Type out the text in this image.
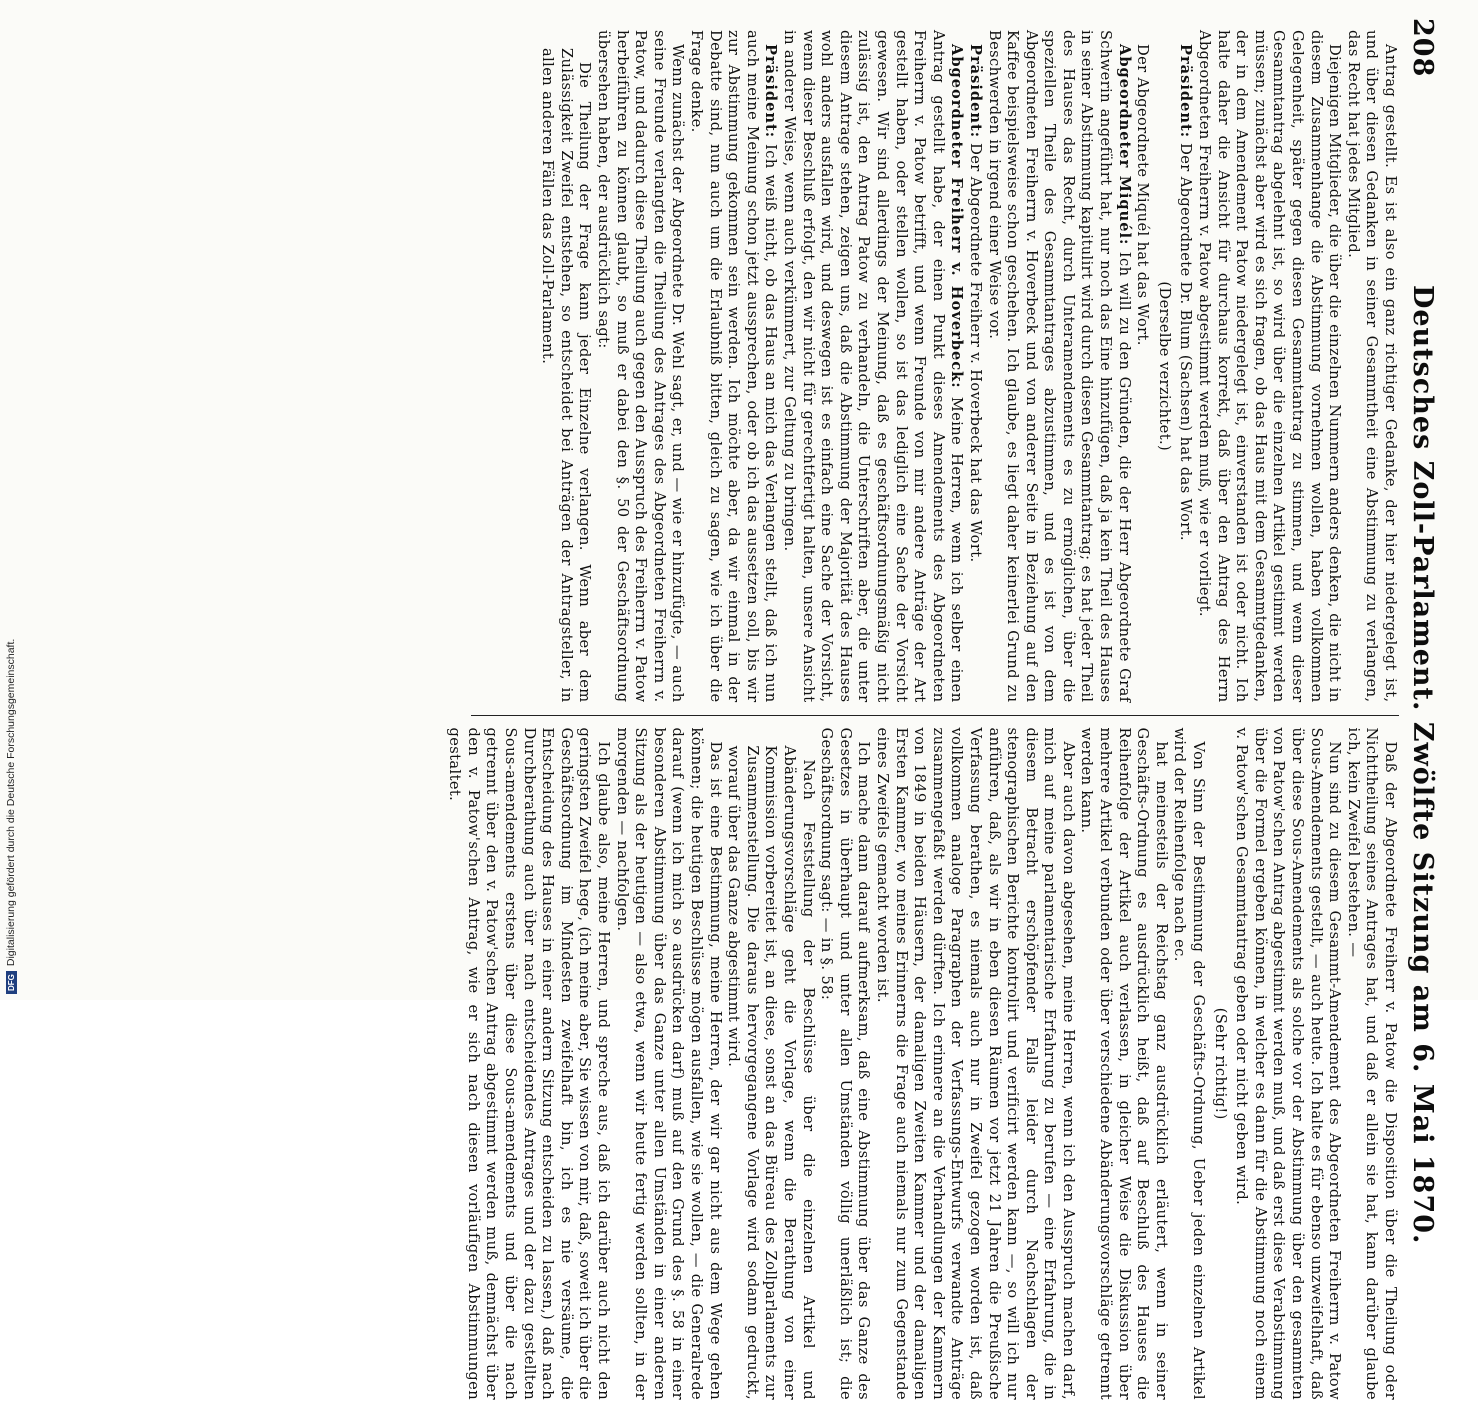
208
Deutsches Zoll-Parlament. Zwölfte Sitzung am 6. Mai 1870.

Antrag gestellt. Es ist also ein ganz richtiger Gedanke, der hier niedergelegt ist, und über diesen Gedanken in seiner Gesammtheit eine Abstimmung zu verlangen, das Recht hat jedes Mitglied.

Diejenigen Mitglieder, die über die einzelnen Nummern anders denken, die nicht in diesem Zusammenhange die Abstimmung vornehmen wollen, haben vollkommen Gelegenheit, später gegen diesen Gesammtantrag zu stimmen, und wenn dieser Gesammtantrag abgelehnt ist, so wird über die einzelnen Artikel gestimmt werden müssen; zunächst aber wird es sich fragen, ob das Haus mit dem Gesammtgedanken, der in dem Amendement Patow niedergelegt ist, einverstanden ist oder nicht. Ich halte daher die Ansicht für durchaus korrekt, daß über den Antrag des Herrn Abgeordneten Freiherrn v. Patow abgestimmt werden muß, wie er vorliegt.

Präsident: Der Abgeordnete Dr. Blum (Sachsen) hat das Wort.

(Derselbe verzichtet.)

Der Abgeordnete Miquél hat das Wort.

Abgeordneter Miquél: Ich will zu den Gründen, die der Herr Abgeordnete Graf Schwerin angeführt hat, nur noch das Eine hinzufügen, daß ja kein Theil des Hauses in seiner Abstimmung kapitulirt wird durch diesen Gesammtantrag; es hat jeder Theil des Hauses das Recht, durch Unteramendements es zu ermöglichen, über die speziellen Theile des Gesammtantrages abzustimmen, und es ist von dem Abgeordneten Freiherrn v. Hoverbeck und von anderer Seite in Beziehung auf den Kaffee beispielsweise schon geschehen. Ich glaube, es liegt daher keinerlei Grund zu Beschwerden in irgend einer Weise vor.

Präsident: Der Abgeordnete Freiherr v. Hoverbeck hat das Wort.

Abgeordneter Freiherr v. Hoverbeck: Meine Herren, wenn ich selber einen Antrag gestellt habe, der einen Punkt dieses Amendements des Abgeordneten Freiherrn v. Patow betrifft, und wenn Freunde von mir andere Anträge der Art gestellt haben, oder stellen wollen, so ist das lediglich eine Sache der Vorsicht gewesen. Wir sind allerdings der Meinung, daß es geschäftsordnungsmäßig nicht zulässig ist, den Antrag Patow zu verhandeln, die Unterschriften aber, die unter diesem Antrage stehen, zeigen uns, daß die Abstimmung der Majorität des Hauses wohl anders ausfallen wird, und deswegen ist es einfach eine Sache der Vorsicht, wenn dieser Beschluß erfolgt, den wir nicht für gerechtfertigt halten, unsere Ansicht in anderer Weise, wenn auch verkümmert, zur Geltung zu bringen.

Präsident: Ich weiß nicht, ob das Haus an mich das Verlangen stellt, daß ich nun auch meine Meinung schon jetzt aussprechen, oder ob ich das aussetzen soll, bis wir zur Abstimmung gekommen sein werden. Ich möchte aber, da wir einmal in der Debatte sind, nun auch um die Erlaubniß bitten, gleich zu sagen, wie ich über die Frage denke.

Wenn zunächst der Abgeordnete Dr. Wehl sagt, er, und — wie er hinzufügte, — auch seine Freunde verlangten die Theilung des Antrages des Abgeordneten Freiherrn v. Patow, und dadurch diese Theilung auch gegen den Ausspruch des Freiherrn v. Patow herbeiführen zu können glaubt, so muß er dabei den §. 50 der Geschäftsordnung übersehen haben, der ausdrücklich sagt:

Die Theilung der Frage kann jeder Einzelne verlangen. Wenn aber dem Zulässigkeit Zweifel entstehen, so entscheidet bei Anträgen der Antragsteller, in allen anderen Fällen das Zoll-Parlament.

Daß der Abgeordnete Freiherr v. Patow die Disposition über die Theilung oder Nichttheilung seines Antrages hat, und daß er allein sie hat, kann darüber glaube ich, kein Zweifel bestehen. —

Nun sind zu diesem Gesammt-Amendement des Abgeordneten Freiherrn v. Patow Sous-Amendements gestellt, — auch heute. Ich halte es für ebenso unzweifelhaft, daß über diese Sous-Amendements als solche vor der Abstimmung über den gesammten von Patow'schen Antrag abgestimmt werden muß, und daß erst diese Verabstimmung über die Formel ergeben können, in welcher es dann für die Abstimmung noch einem v. Patow'schen Gesammtantrag geben oder nicht geben wird.

(Sehr richtig!)

Von Sinn der Bestimmung der Geschäfts-Ordnung, Ueber jeden einzelnen Artikel wird der Reihenfolge nach ec.

hat meinesteils der Reichstag ganz ausdrücklich erläutert, wenn in seiner Geschäfts-Ordnung es ausdrücklich heißt, daß auf Beschluß des Hauses die Reihenfolge der Artikel auch verlassen, in gleicher Weise die Diskussion über mehrere Artikel verbunden oder über verschiedene Abänderungsvorschläge getrennt werden kann.

Aber auch davon abgesehen, meine Herren, wenn ich den Ausspruch machen darf, mich auf meine parlamentarische Erfahrung zu berufen — eine Erfahrung, die in diesem Betracht erschöpfender Falls leider durch Nachschlagen der stenographischen Berichte kontrolirt und verificirt werden kann —, so will ich nur anführen, daß, als wir in eben diesen Räumen vor jetzt 21 Jahren die Preußische Verfassung berathen, es niemals auch nur in Zweifel gezogen worden ist, daß vollkommen analoge Paragraphen der Verfassungs-Entwurfs verwandte Anträge zusammengefaßt werden dürften. Ich erinnere an die Verhandlungen der Kammern von 1849 in beiden Häusern, der damaligen Zweiten Kammer und der damaligen Ersten Kammer, wo meines Erinnerns die Frage auch niemals nur zum Gegenstande eines Zweifels gemacht worden ist.

Ich mache dann darauf aufmerksam, daß eine Abstimmung über das Ganze des Gesetzes in überhaupt und unter allen Umständen völlig unerläßlich ist; die Geschäftsordnung sagt: — in §. 58:

Nach Feststellung der Beschlüsse über die einzelnen Artikel und Abänderungsvorschläge geht die Vorlage, wenn die Berathung von einer Kommission vorbereitet ist, an diese, sonst an das Büreau des Zollparlaments zur Zusammenstellung. Die daraus hervorgegangene Vorlage wird sodann gedruckt, worauf über das Ganze abgestimmt wird.

Das ist eine Bestimmung, meine Herren, der wir gar nicht aus dem Wege gehen können; die heutigen Beschlüsse mögen ausfallen, wie sie wollen, — die Generalrede darauf (wenn ich mich so ausdrücken darf) muß auf den Grund des §. 58 in einer besonderen Abstimmung über das Ganze unter allen Umständen in einer anderen Sitzung als der heutigen — also etwa, wenn wir heute fertig werden sollten, in der morgenden — nachfolgen.

Ich glaube also, meine Herren, und spreche aus, daß ich darüber auch nicht den geringsten Zweifel hege, (ich meine aber, Sie wissen von mir, daß, soweit ich über die Geschäftsordnung im Mindesten zweifelhaft bin, ich es nie versäume, die Entscheidung des Hauses in einer andern Sitzung entscheiden zu lassen,) daß nach Durchberathung auch über nach entscheidendes Antrages und der dazu gestellten Sous-amendements erstens über diese Sous-amendements und über die nach getrennt über den v. Patow'schen Antrag abgestimmt werden muß, demnächst über den v. Patow'schen Antrag, wie er sich nach diesen vorläufigen Abstimmungen gestaltet.

DFGDigitalisierung gefördert durch die Deutsche Forschungsgemeinschaft.
